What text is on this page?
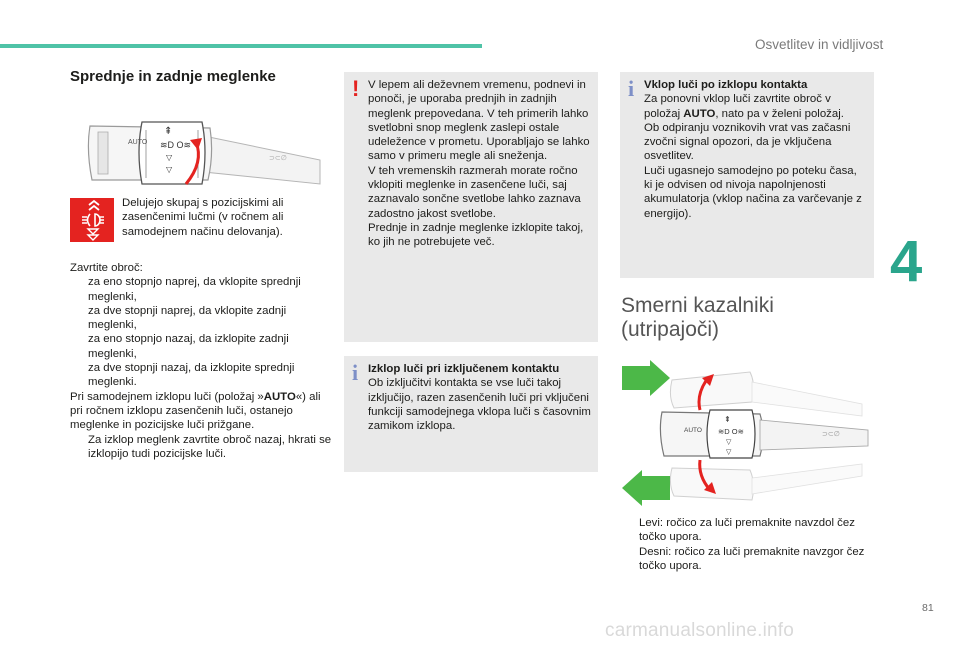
Osvetlitev in vidljivost
4
Sprednje in zadnje meglenke
AUTO
⇞
≋D O≋
▽
▽
⊃⊂∅
Delujejo skupaj s pozicijskimi ali zasenčenimi lučmi (v ročnem ali samodejnem načinu delovanja).

Zavrtite obroč:

za eno stopnjo naprej, da vklopite sprednji meglenki,

za dve stopnji naprej, da vklopite zadnji meglenki,

za eno stopnjo nazaj, da izklopite zadnji meglenki,

za dve stopnji nazaj, da izklopite sprednji meglenki.

Pri samodejnem izklopu luči (položaj »AUTO«) ali pri ročnem izklopu zasenčenih luči, ostanejo meglenke in pozicijske luči prižgane.

Za izklop meglenk zavrtite obroč nazaj, hkrati se izklopijo tudi pozicijske luči.

! V lepem ali deževnem vremenu, podnevi in ponoči, je uporaba prednjih in zadnjih meglenk prepovedana. V teh primerih lahko svetlobni snop meglenk zaslepi ostale udeležence v prometu. Uporabljajo se lahko samo v primeru megle ali sneženja.

V teh vremenskih razmerah morate ročno vklopiti meglenke in zasenčene luči, saj zaznavalo sončne svetlobe lahko zaznava zadostno jakost svetlobe.

Prednje in zadnje meglenke izklopite takoj, ko jih ne potrebujete več.

i Izklop luči pri izključenem kontaktu

Ob izključitvi kontakta se vse luči takoj izključijo, razen zasenčenih luči pri vključeni funkciji samodejnega vklopa luči s časovnim zamikom izklopa.

i Vklop luči po izklopu kontakta

Za ponovni vklop luči zavrtite obroč v položaj AUTO, nato pa v želeni položaj.

Ob odpiranju voznikovih vrat vas začasni zvočni signal opozori, da je vključena osvetlitev.

Luči ugasnejo samodejno po poteku časa, ki je odvisen od nivoja napolnjenosti akumulatorja (vklop načina za varčevanje z energijo).

Smerni kazalniki
(utripajoči)
AUTO
⇞
≋D O≋
▽
▽
⊃⊂∅

Levi: ročico za luči premaknite navzdol čez točko upora.

Desni: ročico za luči premaknite navzgor čez točko upora.

81
carmanualsonline.info
